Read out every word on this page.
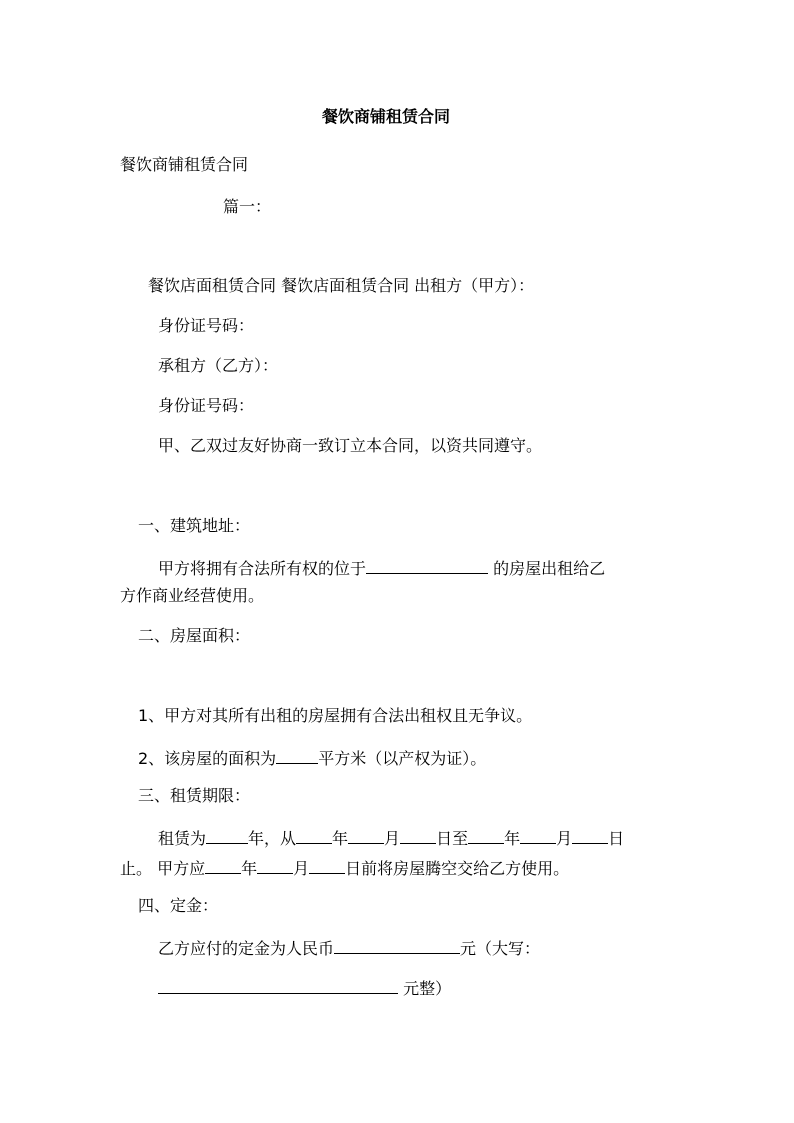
餐饮商铺租赁合同
餐饮商铺租赁合同
篇一：
餐饮店面租赁合同 餐饮店面租赁合同 出租方（甲方）：
身份证号码：
承租方（乙方）：
身份证号码：
甲、乙双过友好协商一致订立本合同，以资共同遵守。
一、建筑地址：
甲方将拥有合法所有权的位于	的房屋出租给乙
方作商业经营使用。
二、房屋面积：
1、甲方对其所有出租的房屋拥有合法出租权且无争议。
2、该房屋的面积为	平方米（以产权为证）。
三、租赁期限：
租赁为	年，从 年 月 日至 年 月 日
止。 甲方应 年 月 日前将房屋腾空交给乙方使用。
四、定金：
乙方应付的定金为人民币	元（大写：
元整）
